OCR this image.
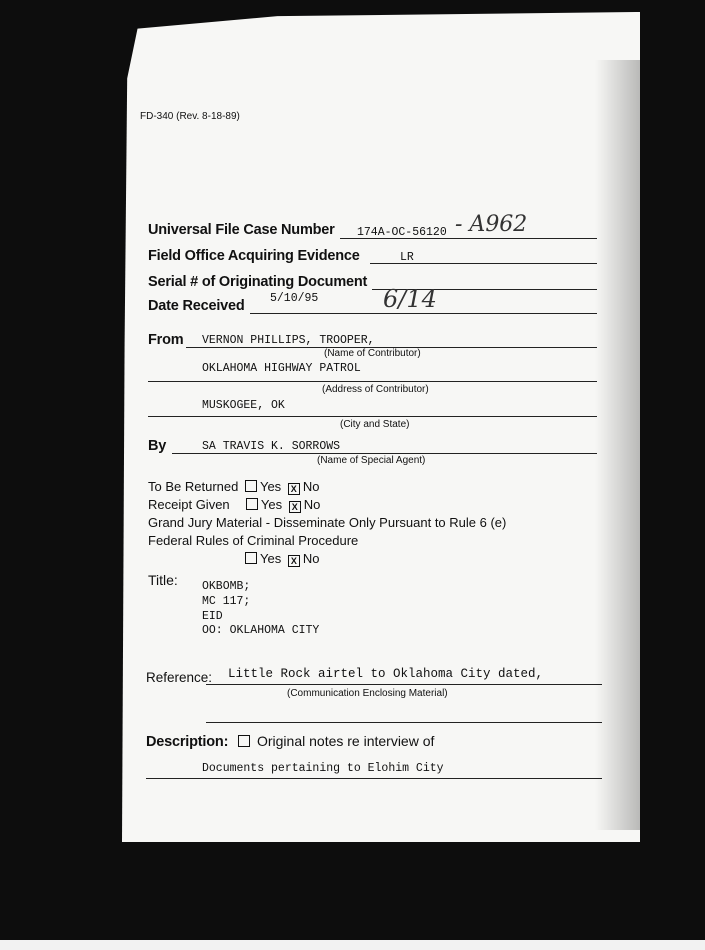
FD-340 (Rev. 8-18-89)
Universal File Case Number 174A-OC-56120 - A962
Field Office Acquiring Evidence	LR
Serial # of Originating Document
Date Received 5/10/95	6/14
From VERNON PHILLIPS, TROOPER,
(Name of Contributor)
OKLAHOMA HIGHWAY PATROL
(Address of Contributor)
MUSKOGEE, OK
(City and State)
By	SA TRAVIS K. SORROWS
(Name of Special Agent)
To Be Returned Yes X No
Receipt Given Yes X No
Grand Jury Material - Disseminate Only Pursuant to Rule 6 (e)
Federal Rules of Criminal Procedure
Yes X No
Title: OKBOMB;
MC 117;
EID
OO: OKLAHOMA CITY
Reference: Little Rock airtel to Oklahoma City dated,
(Communication Enclosing Material)
Description: Original notes re interview of
Documents pertaining to Elohim City
